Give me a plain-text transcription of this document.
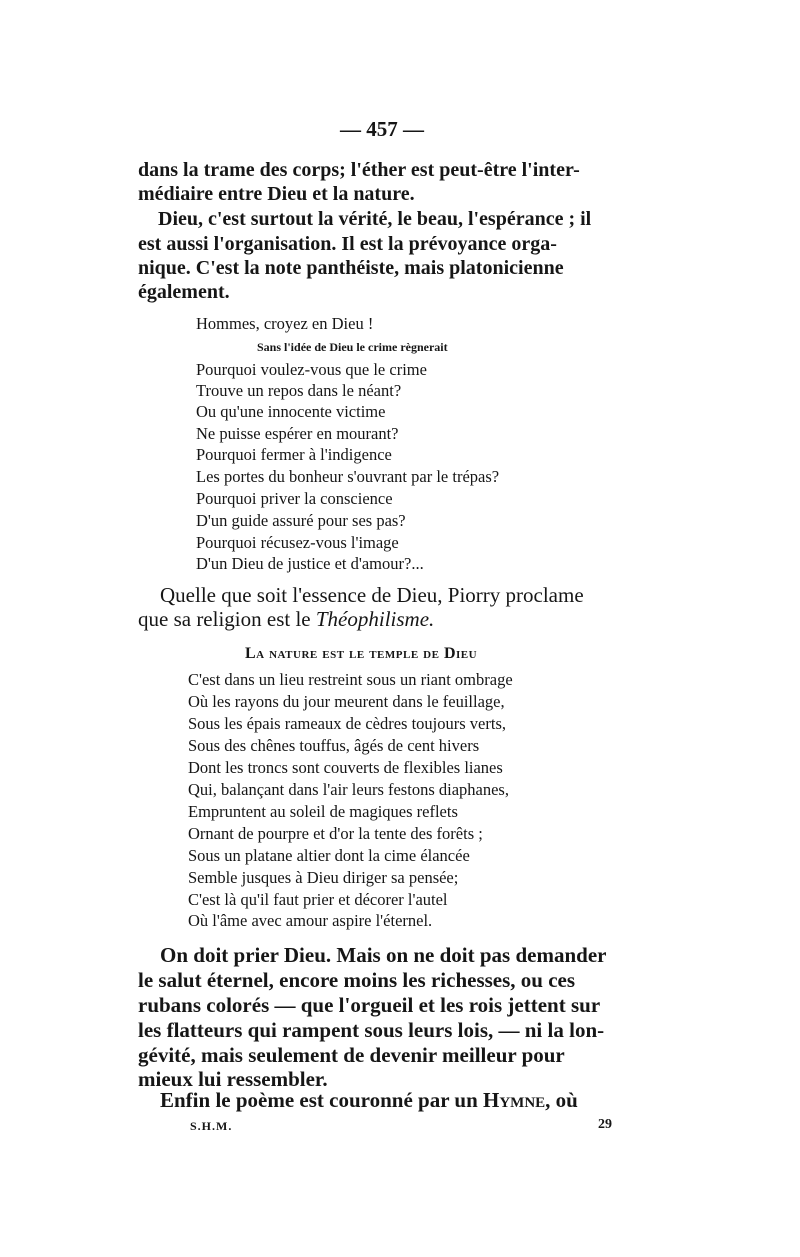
— 457 —

dans la trame des corps; l'éther est peut-être l'inter-

médiaire entre Dieu et la nature.

Dieu, c'est surtout la vérité, le beau, l'espérance ; il

est aussi l'organisation. Il est la prévoyance orga-

nique. C'est la note panthéiste, mais platonicienne

également.

Hommes, croyez en Dieu !

Sans l'idée de Dieu le crime règnerait

Pourquoi voulez-vous que le crime

Trouve un repos dans le néant?

Ou qu'une innocente victime

Ne puisse espérer en mourant?

Pourquoi fermer à l'indigence

Les portes du bonheur s'ouvrant par le trépas?

Pourquoi priver la conscience

D'un guide assuré pour ses pas?

Pourquoi récusez-vous l'image

D'un Dieu de justice et d'amour?...

Quelle que soit l'essence de Dieu, Piorry proclame

que sa religion est le Théophilisme.

La nature est le temple de Dieu

C'est dans un lieu restreint sous un riant ombrage

Où les rayons du jour meurent dans le feuillage,

Sous les épais rameaux de cèdres toujours verts,

Sous des chênes touffus, âgés de cent hivers

Dont les troncs sont couverts de flexibles lianes

Qui, balançant dans l'air leurs festons diaphanes,

Empruntent au soleil de magiques reflets

Ornant de pourpre et d'or la tente des forêts ;

Sous un platane altier dont la cime élancée

Semble jusques à Dieu diriger sa pensée;

C'est là qu'il faut prier et décorer l'autel

Où l'âme avec amour aspire l'éternel.

On doit prier Dieu. Mais on ne doit pas demander

le salut éternel, encore moins les richesses, ou ces

rubans colorés — que l'orgueil et les rois jettent sur

les flatteurs qui rampent sous leurs lois, — ni la lon-

gévité, mais seulement de devenir meilleur pour

mieux lui ressembler.

Enfin le poème est couronné par un Hymne, où

S.H.M.	29
